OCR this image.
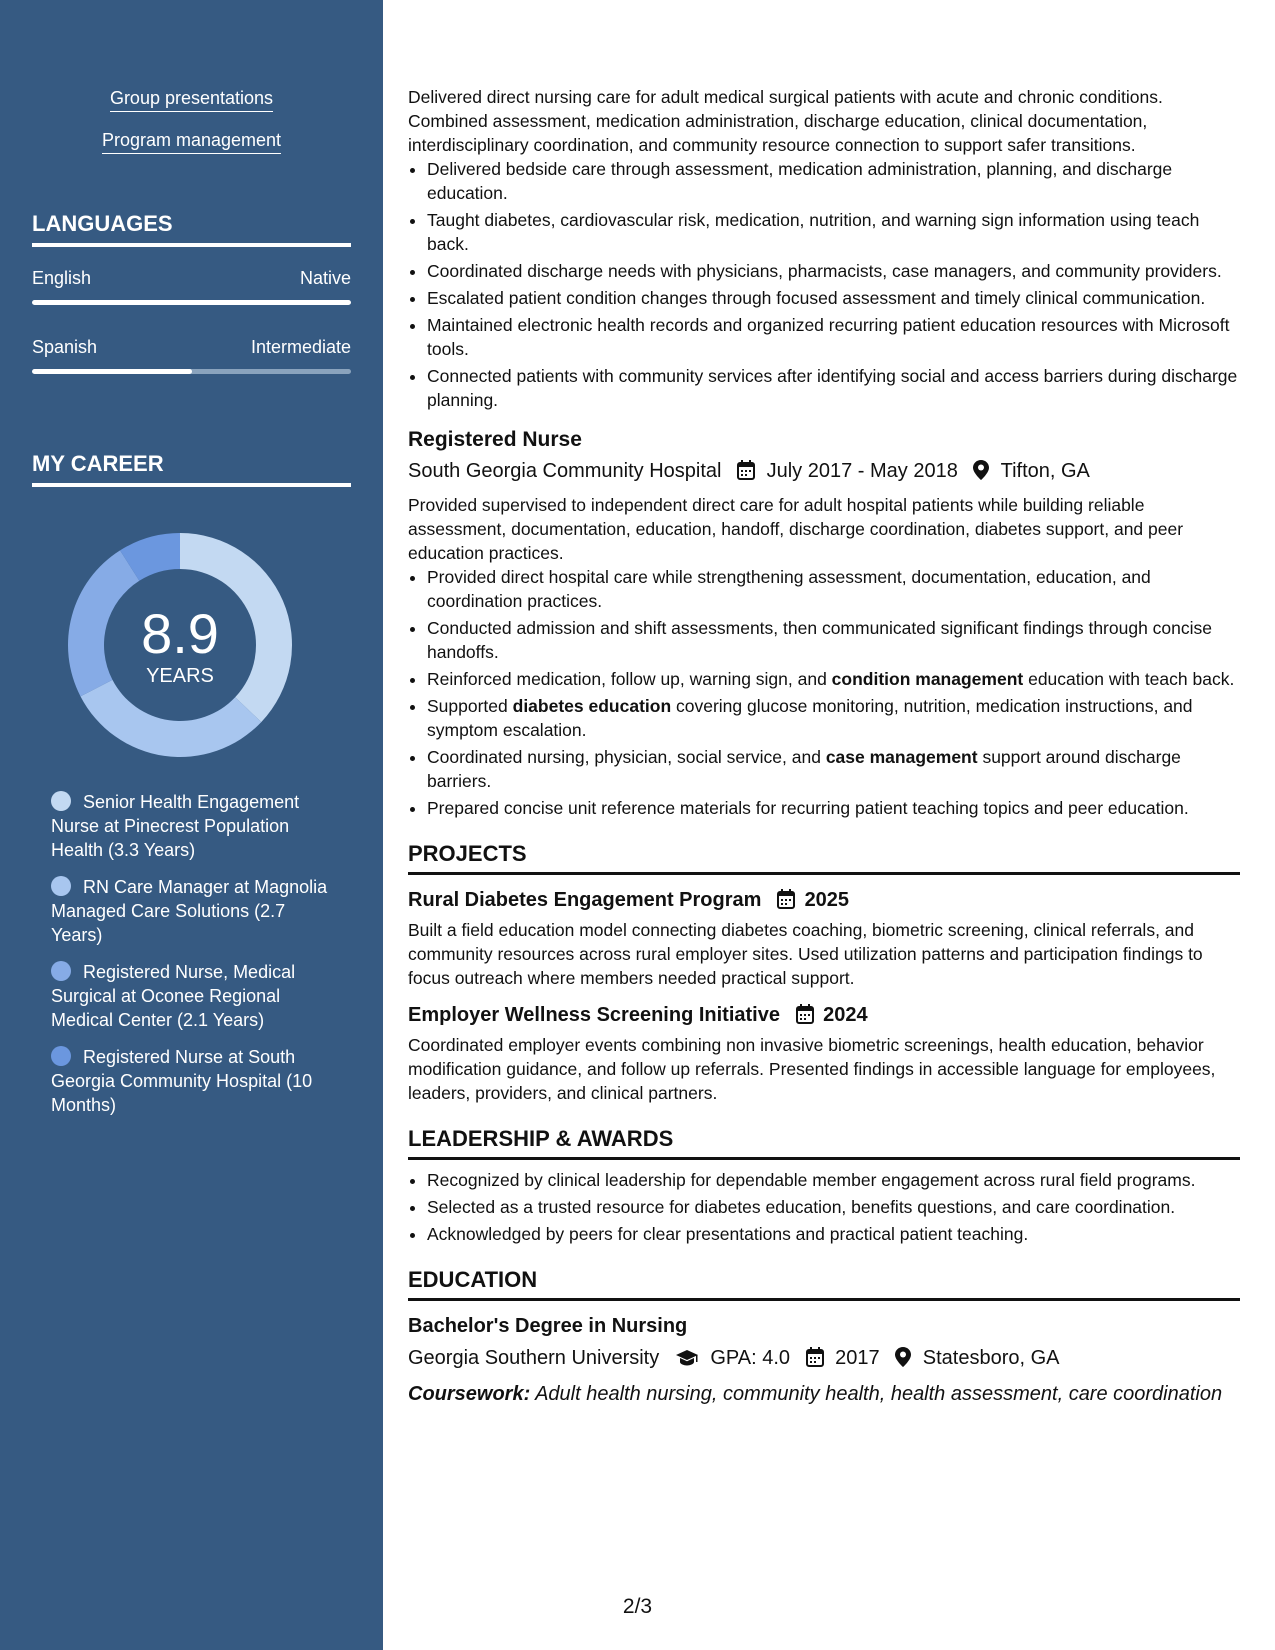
Group presentations
Program management
LANGUAGES
English	Native
Spanish	Intermediate
MY CAREER
8.9
YEARS
Senior Health Engagement Nurse at Pinecrest Population Health (3.3 Years)
RN Care Manager at Magnolia Managed Care Solutions (2.7 Years)
Registered Nurse, Medical Surgical at Oconee Regional Medical Center (2.1 Years)
Registered Nurse at South Georgia Community Hospital (10 Months)

Delivered direct nursing care for adult medical surgical patients with acute and chronic conditions. Combined assessment, medication administration, discharge education, clinical documentation, interdisciplinary coordination, and community resource connection to support safer transitions.

• Delivered bedside care through assessment, medication administration, planning, and discharge education.
• Taught diabetes, cardiovascular risk, medication, nutrition, and warning sign information using teach back.
• Coordinated discharge needs with physicians, pharmacists, case managers, and community providers.
• Escalated patient condition changes through focused assessment and timely clinical communication.
• Maintained electronic health records and organized recurring patient education resources with Microsoft tools.
• Connected patients with community services after identifying social and access barriers during discharge planning.
Registered Nurse
South Georgia Community Hospital July 2017 - May 2018 Tifton, GA

Provided supervised to independent direct care for adult hospital patients while building reliable assessment, documentation, education, handoff, discharge coordination, diabetes support, and peer education practices.

• Provided direct hospital care while strengthening assessment, documentation, education, and coordination practices.
• Conducted admission and shift assessments, then communicated significant findings through concise handoffs.
• Reinforced medication, follow up, warning sign, and condition management education with teach back.
• Supported diabetes education covering glucose monitoring, nutrition, medication instructions, and symptom escalation.
• Coordinated nursing, physician, social service, and case management support around discharge barriers.
• Prepared concise unit reference materials for recurring patient teaching topics and peer education.
PROJECTS
Rural Diabetes Engagement Program 2025

Built a field education model connecting diabetes coaching, biometric screening, clinical referrals, and community resources across rural employer sites. Used utilization patterns and participation findings to focus outreach where members needed practical support.

Employer Wellness Screening Initiative 2024

Coordinated employer events combining non invasive biometric screenings, health education, behavior modification guidance, and follow up referrals. Presented findings in accessible language for employees, leaders, providers, and clinical partners.

LEADERSHIP & AWARDS
• Recognized by clinical leadership for dependable member engagement across rural field programs.
• Selected as a trusted resource for diabetes education, benefits questions, and care coordination.
• Acknowledged by peers for clear presentations and practical patient teaching.
EDUCATION
Bachelor's Degree in Nursing
Georgia Southern University	GPA: 4.0 2017 Statesboro, GA
Coursework: Adult health nursing, community health, health assessment, care coordination
2/3
